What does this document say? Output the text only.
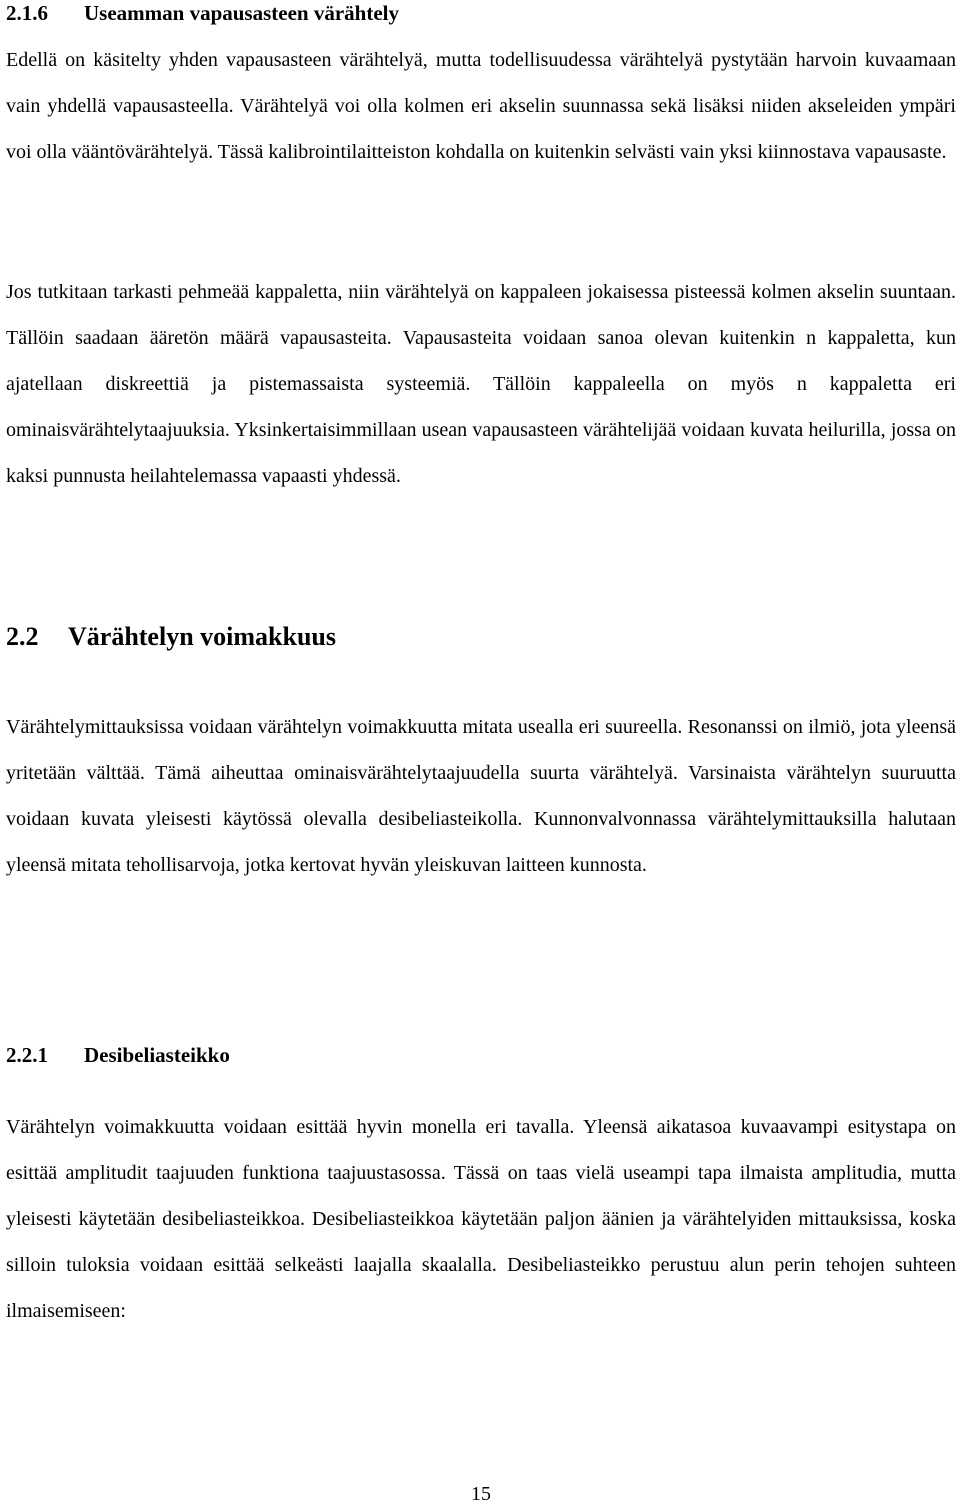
2.1.6 Useamman vapausasteen värähtely

Edellä on käsitelty yhden vapausasteen värähtelyä, mutta todellisuudessa värähtelyä pystytään harvoin kuvaamaan vain yhdellä vapausasteella. Värähtelyä voi olla kolmen eri akselin suunnassa sekä lisäksi niiden akseleiden ympäri voi olla vääntövärähtelyä. Tässä kalibrointilaitteiston kohdalla on kuitenkin selvästi vain yksi kiinnostava vapausaste.

Jos tutkitaan tarkasti pehmeää kappaletta, niin värähtelyä on kappaleen jokaisessa pisteessä kolmen akselin suuntaan. Tällöin saadaan ääretön määrä vapausasteita. Vapausasteita voidaan sanoa olevan kuitenkin n kappaletta, kun ajatellaan diskreettiä ja pistemassaista systeemiä. Tällöin kappaleella on myös n kappaletta eri ominaisvärähtelytaajuuksia. Yksinkertaisimmillaan usean vapausasteen värähtelijää voidaan kuvata heilurilla, jossa on kaksi punnusta heilahtelemassa vapaasti yhdessä.

2.2 Värähtelyn voimakkuus

Värähtelymittauksissa voidaan värähtelyn voimakkuutta mitata usealla eri suureella. Resonanssi on ilmiö, jota yleensä yritetään välttää. Tämä aiheuttaa ominaisvärähtelytaajuudella suurta värähtelyä. Varsinaista värähtelyn suuruutta voidaan kuvata yleisesti käytössä olevalla desibeliasteikolla. Kunnonvalvonnassa värähtelymittauksilla halutaan yleensä mitata tehollisarvoja, jotka kertovat hyvän yleiskuvan laitteen kunnosta.

2.2.1 Desibeliasteikko

Värähtelyn voimakkuutta voidaan esittää hyvin monella eri tavalla. Yleensä aikatasoa kuvaavampi esitystapa on esittää amplitudit taajuuden funktiona taajuustasossa. Tässä on taas vielä useampi tapa ilmaista amplitudia, mutta yleisesti käytetään desibeliasteikkoa. Desibeliasteikkoa käytetään paljon äänien ja värähtelyiden mittauksissa, koska silloin tuloksia voidaan esittää selkeästi laajalla skaalalla. Desibeliasteikko perustuu alun perin tehojen suhteen ilmaisemiseen:

15
